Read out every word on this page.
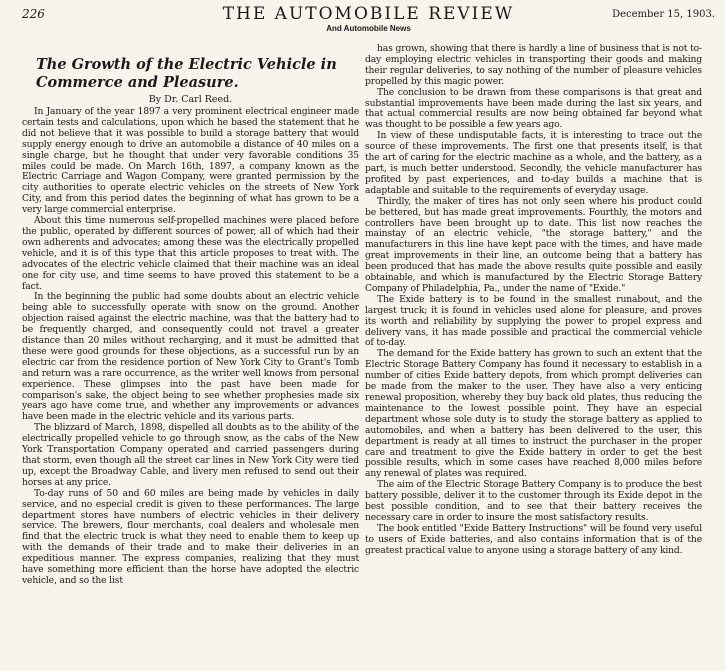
226	THE AUTOMOBILE REVIEW
And Automobile News
December 15, 1903.
The Growth of the Electric Vehicle in Commerce and Pleasure.
By Dr. Carl Reed.

In January of the year 1897 a very prominent electrical engineer made certain tests and calculations, upon which he based the statement that he did not believe that it was possible to build a storage battery that would supply energy enough to drive an automobile a distance of 40 miles on a single charge, but he thought that under very favorable conditions 35 miles could be made. On March 16th, 1897, a company known as the Electric Carriage and Wagon Company, were granted permission by the city authorities to operate electric vehicles on the streets of New York City, and from this period dates the beginning of what has grown to be a very large commercial enterprise.

About this time numerous self-propelled machines were placed before the public, operated by different sources of power, all of which had their own adherents and advocates; among these was the electrically propelled vehicle, and it is of this type that this article proposes to treat with. The advocates of the electric vehicle claimed that their machine was an ideal one for city use, and time seems to have proved this statement to be a fact.

In the beginning the public had some doubts about an electric vehicle being able to successfully operate with snow on the ground. Another objection raised against the electric machine, was that the battery had to be frequently charged, and consequently could not travel a greater distance than 20 miles without recharging, and it must be admitted that these were good grounds for these objections, as a successful run by an electric car from the residence portion of New York City to Grant's Tomb and return was a rare occurrence, as the writer well knows from personal experience. These glimpses into the past have been made for comparison's sake, the object being to see whether prophesies made six years ago have come true, and whether any improvements or advances have been made in the electric vehicle and its various parts.

The blizzard of March, 1898, dispelled all doubts as to the ability of the electrically propelled vehicle to go through snow, as the cabs of the New York Transportation Company operated and carried passengers during that storm, even though all the street car lines in New York City were tied up, except the Broadway Cable, and livery men refused to send out their horses at any price.

To-day runs of 50 and 60 miles are being made by vehicles in daily service, and no especial credit is given to these performances. The large department stores have numbers of electric vehicles in their delivery service. The brewers, flour merchants, coal dealers and wholesale men find that the electric truck is what they need to enable them to keep up with the demands of their trade and to make their deliveries in an expeditious manner. The express companies, realizing that they must have something more efficient than the horse have adopted the electric vehicle, and so the list

has grown, showing that there is hardly a line of business that is not to-day employing electric vehicles in transporting their goods and making their regular deliveries, to say nothing of the number of pleasure vehicles propelled by this magic power.

The conclusion to be drawn from these comparisons is that great and substantial improvements have been made during the last six years, and that actual commercial results are now being obtained far beyond what was thought to be possible a few years ago.

In view of these undisputable facts, it is interesting to trace out the source of these improvements. The first one that presents itself, is that the art of caring for the electric machine as a whole, and the battery, as a part, is much better understood. Secondly, the vehicle manufacturer has profited by past experiences, and to-day builds a machine that is adaptable and suitable to the requirements of everyday usage.

Thirdly, the maker of tires has not only seen where his product could be bettered, but has made great improvements. Fourthly, the motors and controllers have been brought up to date. This list now reaches the mainstay of an electric vehicle, "the storage battery," and the manufacturers in this line have kept pace with the times, and have made great improvements in their line, an outcome being that a battery has been produced that has made the above results quite possible and easily obtainable, and which is manufactured by the Electric Storage Battery Company of Philadelphia, Pa., under the name of "Exide."

The Exide battery is to be found in the smallest runabout, and the largest truck; it is found in vehicles used alone for pleasure, and proves its worth and reliability by supplying the power to propel express and delivery vans, it has made possible and practical the commercial vehicle of to-day.

The demand for the Exide battery has grown to such an extent that the Electric Storage Battery Company has found it necessary to establish in a number of cities Exide battery depots, from which prompt deliveries can be made from the maker to the user. They have also a very enticing renewal proposition, whereby they buy back old plates, thus reducing the maintenance to the lowest possible point. They have an especial department whose sole duty is to study the storage battery as applied to automobiles, and when a battery has been delivered to the user, this department is ready at all times to instruct the purchaser in the proper care and treatment to give the Exide battery in order to get the best possible results, which in some cases have reached 8,000 miles before any renewal of plates was required.

The aim of the Electric Storage Battery Company is to produce the best battery possible, deliver it to the customer through its Exide depot in the best possible condition, and to see that their battery receives the necessary care in order to insure the most satisfactory results.

The book entitled "Exide Battery Instructions" will be found very useful to users of Exide batteries, and also contains information that is of the greatest practical value to anyone using a storage battery of any kind.
